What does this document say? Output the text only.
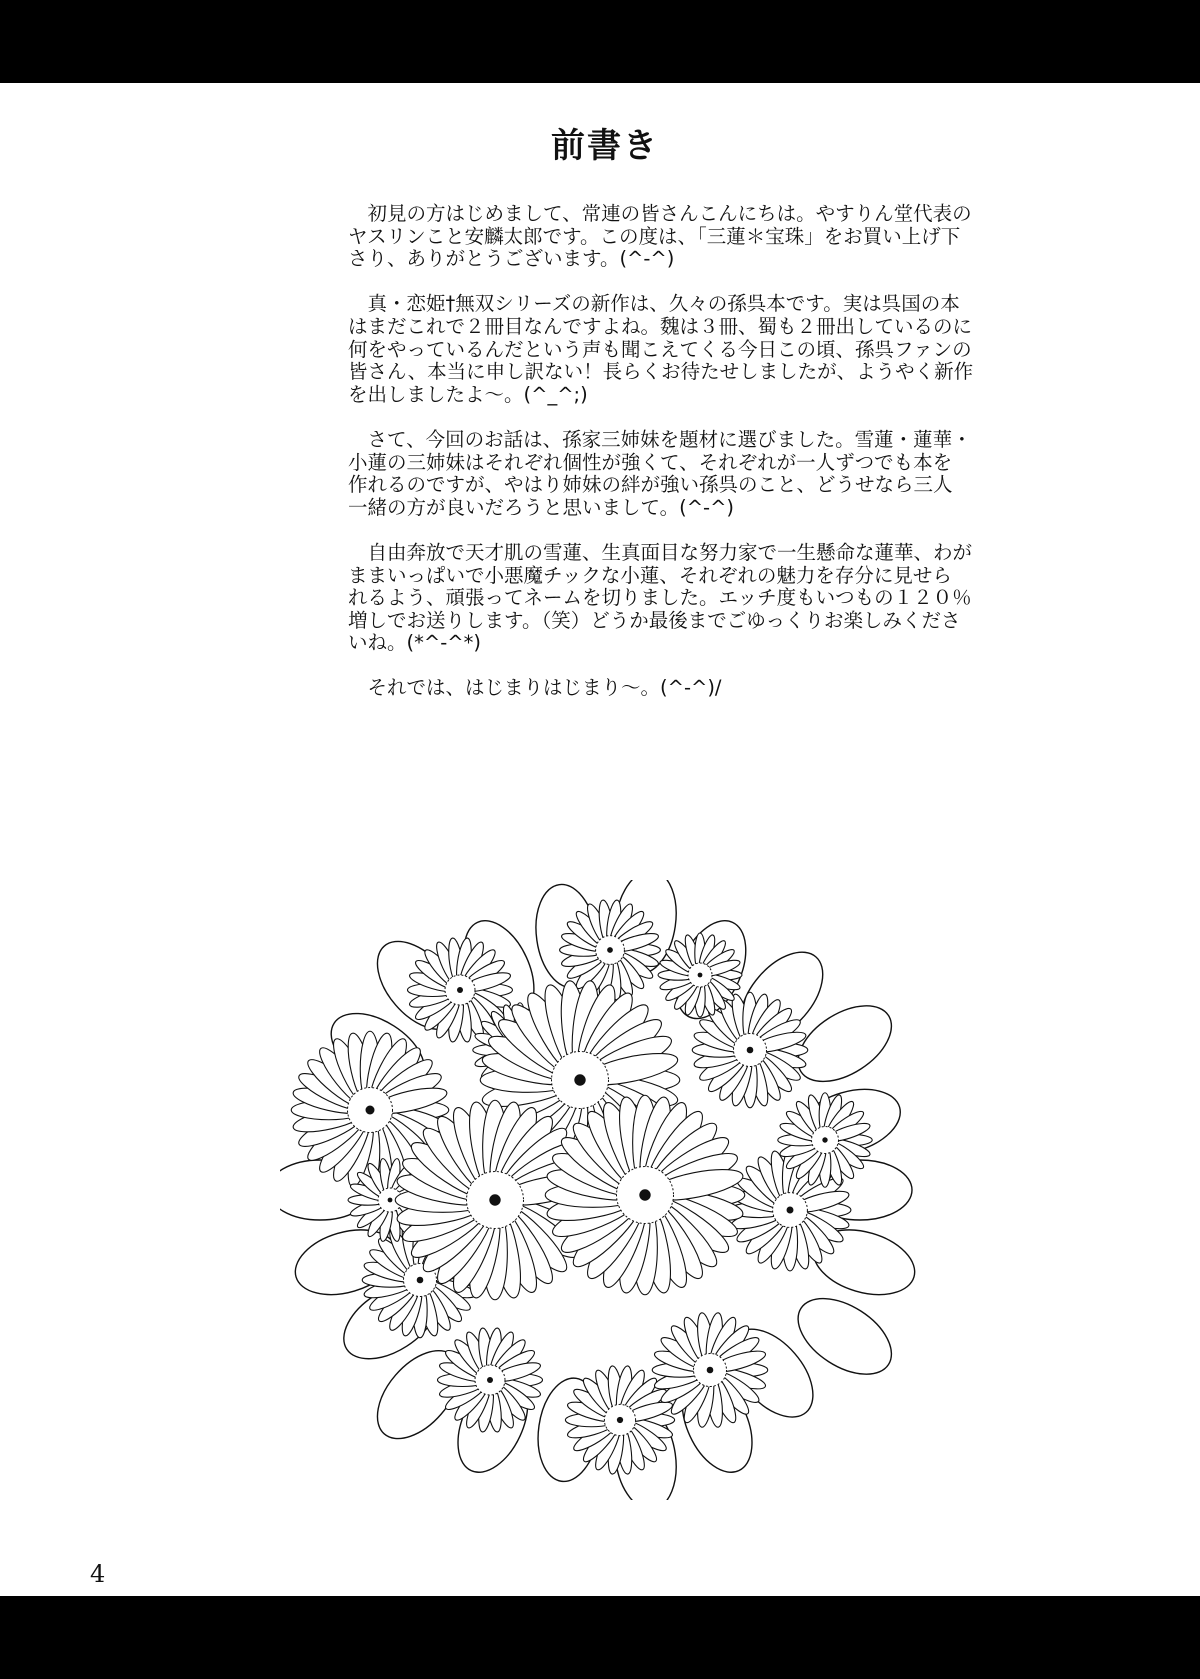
前書き
　初見の方はじめまして、常連の皆さんこんにちは。やすりん堂代表の
ヤスリンこと安麟太郎です。この度は、「三蓮＊宝珠」をお買い上げ下
さり、ありがとうございます。(^-^)
　真・恋姫†無双シリーズの新作は、久々の孫呉本です。実は呉国の本
はまだこれで２冊目なんですよね。魏は３冊、蜀も２冊出しているのに
何をやっているんだという声も聞こえてくる今日この頃、孫呉ファンの
皆さん、本当に申し訳ない！長らくお待たせしましたが、ようやく新作
を出しましたよ～。(^_^;)
　さて、今回のお話は、孫家三姉妹を題材に選びました。雪蓮・蓮華・
小蓮の三姉妹はそれぞれ個性が強くて、それぞれが一人ずつでも本を
作れるのですが、やはり姉妹の絆が強い孫呉のこと、どうせなら三人
一緒の方が良いだろうと思いまして。(^-^)
　自由奔放で天才肌の雪蓮、生真面目な努力家で一生懸命な蓮華、わが
ままいっぱいで小悪魔チックな小蓮、それぞれの魅力を存分に見せら
れるよう、頑張ってネームを切りました。エッチ度もいつもの１２０％
増しでお送りします。（笑）どうか最後までごゆっくりお楽しみくださ
いね。(*^-^*)
　それでは、はじまりはじまり～。(^-^)/
4
